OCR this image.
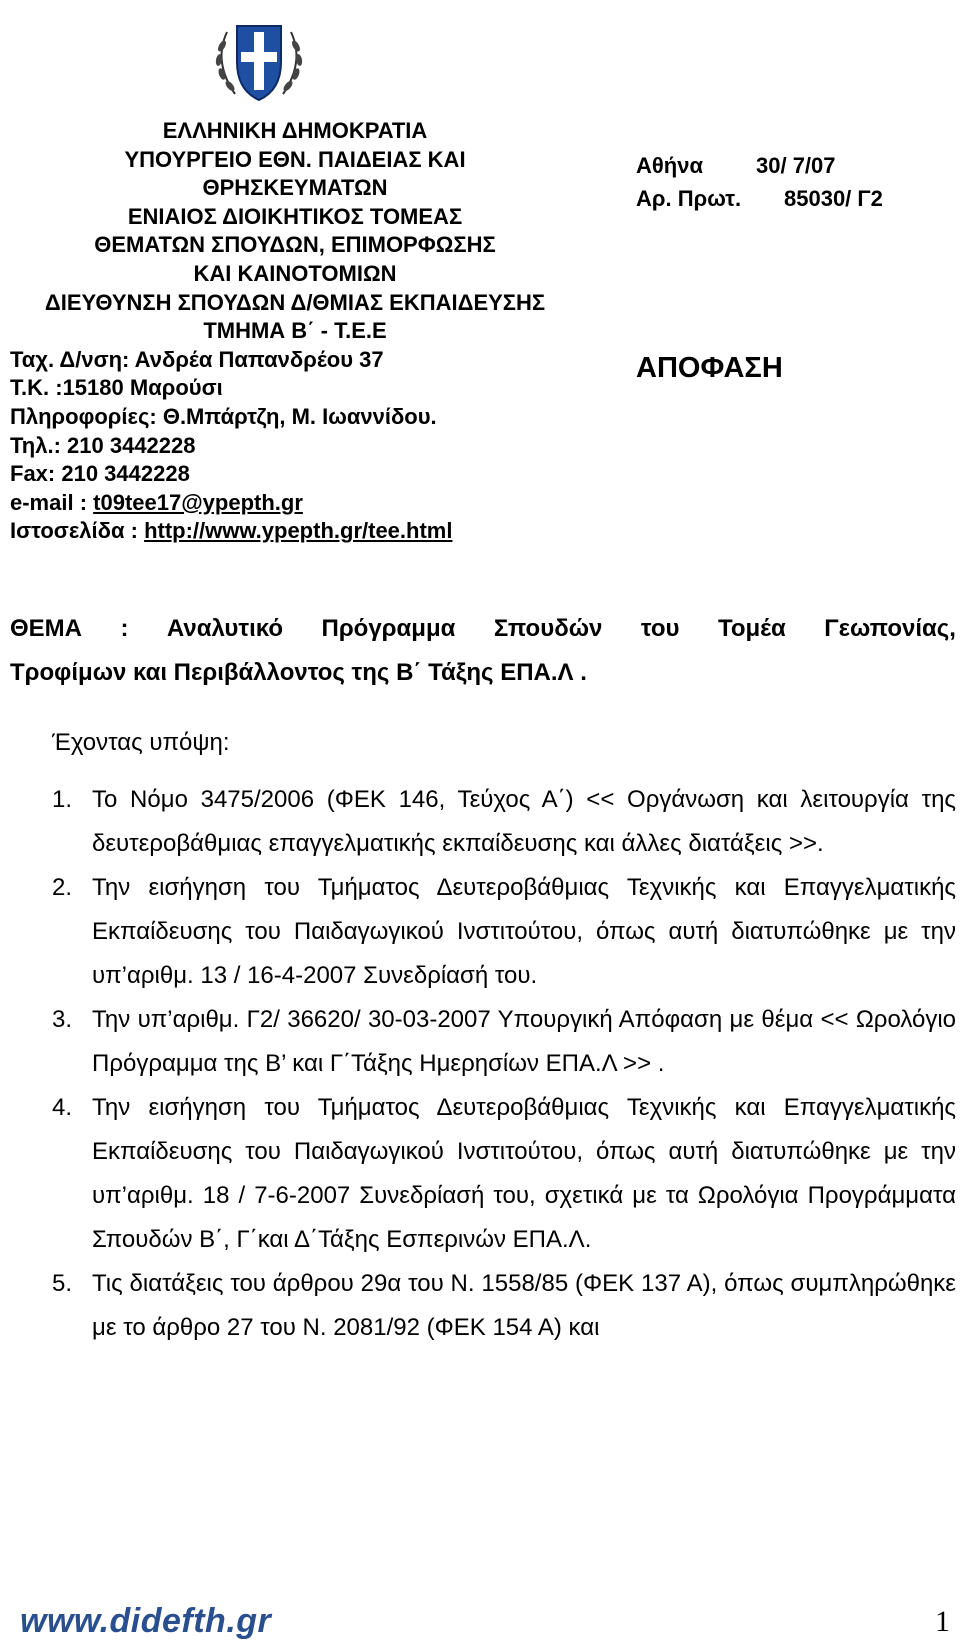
ΕΛΛΗΝΙΚΗ ΔΗΜΟΚΡΑΤΙΑ
ΥΠΟΥΡΓΕΙΟ ΕΘΝ. ΠΑΙΔΕΙΑΣ ΚΑΙ
ΘΡΗΣΚΕΥΜΑΤΩΝ
ΕΝΙΑΙΟΣ ΔΙΟΙΚΗΤΙΚΟΣ ΤΟΜΕΑΣ
ΘΕΜΑΤΩΝ ΣΠΟΥΔΩΝ, ΕΠΙΜΟΡΦΩΣΗΣ
ΚΑΙ ΚΑΙΝΟΤΟΜΙΩΝ
ΔΙΕΥΘΥΝΣΗ ΣΠΟΥΔΩΝ Δ/ΘΜΙΑΣ ΕΚΠΑΙΔΕΥΣΗΣ
ΤΜΗΜΑ Β΄ - Τ.Ε.Ε
Ταχ. Δ/νση: Ανδρέα Παπανδρέου 37
Τ.Κ. :15180 Μαρούσι
Πληροφορίες: Θ.Μπάρτζη, Μ. Ιωαννίδου.
Τηλ.: 210 3442228
Fax: 210 3442228
e-mail : t09tee17@ypepth.gr
Ιστοσελίδα : http://www.ypepth.gr/tee.html
Αθήνα 30/ 7/07
Αρ. Πρωτ. 85030/ Γ2
ΑΠΟΦΑΣΗ
ΘΕΜΑ : Αναλυτικό Πρόγραμμα Σπουδών του Τομέα Γεωπονίας,
Τροφίμων και Περιβάλλοντος της Β΄ Τάξης ΕΠΑ.Λ .
Έχοντας υπόψη:
1. Το Νόμο 3475/2006 (ΦΕΚ 146, Τεύχος Α΄) << Οργάνωση και λειτουργία της δευτεροβάθμιας επαγγελματικής εκπαίδευσης και άλλες διατάξεις >>.
2. Την εισήγηση του Τμήματος Δευτεροβάθμιας Τεχνικής και Επαγγελματικής Εκπαίδευσης του Παιδαγωγικού Ινστιτούτου, όπως αυτή διατυπώθηκε με την υπ’αριθμ. 13 / 16-4-2007 Συνεδρίασή του.
3. Την υπ’αριθμ. Γ2/ 36620/ 30-03-2007 Υπουργική Απόφαση με θέμα << Ωρολόγιο Πρόγραμμα της Β’ και Γ΄Τάξης Ημερησίων ΕΠΑ.Λ >> .
4. Την εισήγηση του Τμήματος Δευτεροβάθμιας Τεχνικής και Επαγγελματικής Εκπαίδευσης του Παιδαγωγικού Ινστιτούτου, όπως αυτή διατυπώθηκε με την υπ’αριθμ. 18 / 7-6-2007 Συνεδρίασή του, σχετικά με τα Ωρολόγια Προγράμματα Σπουδών Β΄, Γ΄και Δ΄Τάξης Εσπερινών ΕΠΑ.Λ.
5. Τις διατάξεις του άρθρου 29α του Ν. 1558/85 (ΦΕΚ 137 Α), όπως συμπληρώθηκε με το άρθρο 27 του Ν. 2081/92 (ΦΕΚ 154 Α) και
www.didefth.gr	1
